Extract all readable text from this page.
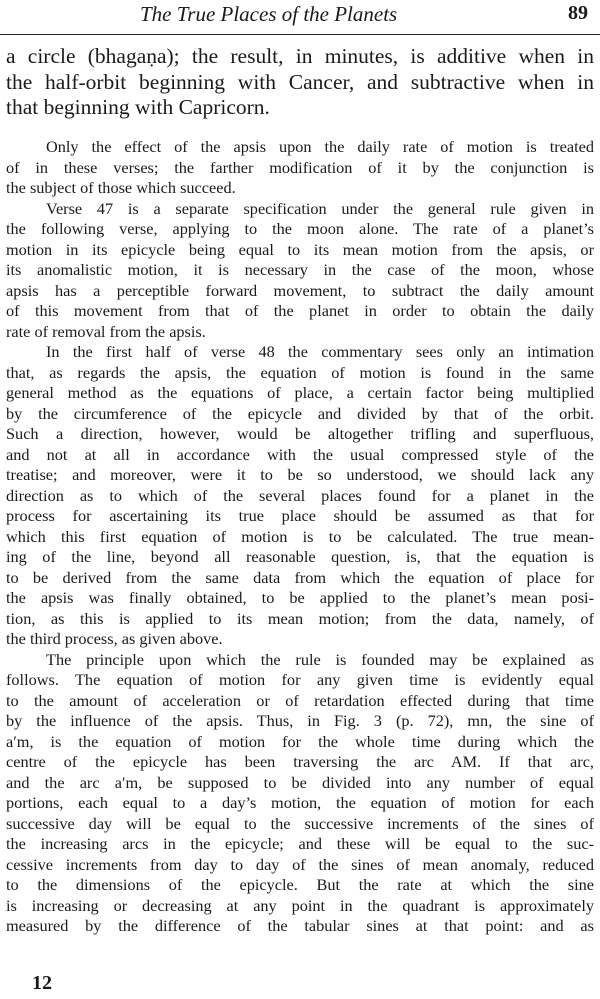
The True Places of the Planets	89
a circle (bhagaṇa); the result, in minutes, is additive when in
the half-orbit beginning with Cancer, and subtractive when in
that beginning with Capricorn.
Only the effect of the apsis upon the daily rate of motion is treated
of in these verses; the farther modification of it by the conjunction is
the subject of those which succeed.
Verse 47 is a separate specification under the general rule given in
the following verse, applying to the moon alone. The rate of a planet’s
motion in its epicycle being equal to its mean motion from the apsis, or
its anomalistic motion, it is necessary in the case of the moon, whose
apsis has a perceptible forward movement, to subtract the daily amount
of this movement from that of the planet in order to obtain the daily
rate of removal from the apsis.
In the first half of verse 48 the commentary sees only an intimation
that, as regards the apsis, the equation of motion is found in the same
general method as the equations of place, a certain factor being multiplied
by the circumference of the epicycle and divided by that of the orbit.
Such a direction, however, would be altogether trifling and superfluous,
and not at all in accordance with the usual compressed style of the
treatise; and moreover, were it to be so understood, we should lack any
direction as to which of the several places found for a planet in the
process for ascertaining its true place should be assumed as that for
which this first equation of motion is to be calculated. The true mean-
ing of the line, beyond all reasonable question, is, that the equation is
to be derived from the same data from which the equation of place for
the apsis was finally obtained, to be applied to the planet’s mean posi-
tion, as this is applied to its mean motion; from the data, namely, of
the third process, as given above.
The principle upon which the rule is founded may be explained as
follows. The equation of motion for any given time is evidently equal
to the amount of acceleration or of retardation effected during that time
by the influence of the apsis. Thus, in Fig. 3 (p. 72), mn, the sine of
a′m, is the equation of motion for the whole time during which the
centre of the epicycle has been traversing the arc AM. If that arc,
and the arc a′m, be supposed to be divided into any number of equal
portions, each equal to a day’s motion, the equation of motion for each
successive day will be equal to the successive increments of the sines of
the increasing arcs in the epicycle; and these will be equal to the suc-
cessive increments from day to day of the sines of mean anomaly, reduced
to the dimensions of the epicycle. But the rate at which the sine
is increasing or decreasing at any point in the quadrant is approximately
measured by the difference of the tabular sines at that point: and as
12
